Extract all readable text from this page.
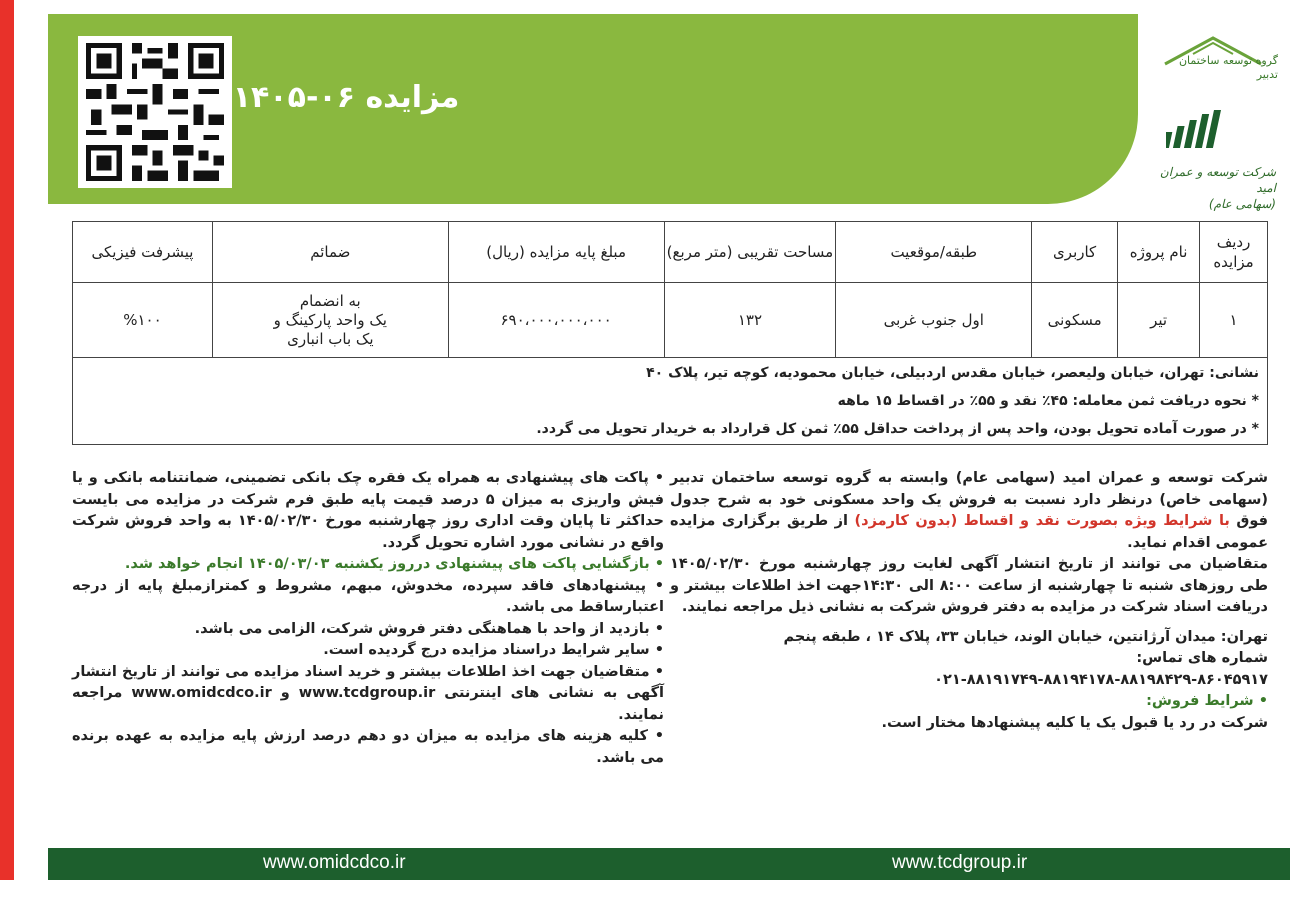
مزایده ۰۶-۱۴۰۵
گروه توسعه ساختمان
تدبیر
شرکت توسعه و عمران امید
(سهامی عام)
ردیف مزایده	نام پروژه	کاربری	طبقه/موقعیت	مساحت تقریبی (متر مربع)	مبلغ پایه مزایده (ریال)	ضمائم	پیشرفت فیزیکی
۱	تیر	مسکونی	اول جنوب غربی	۱۳۲	۶۹۰،۰۰۰،۰۰۰،۰۰۰	به انضمام
یک واحد پارکینگ و
یک باب انباری	%۱۰۰

نشانی: تهران، خیابان ولیعصر، خیابان مقدس اردبیلی، خیابان محمودیه، کوچه تیر، پلاک ۴۰
* نحوه دریافت ثمن معامله: ۴۵٪ نقد و ۵۵٪ در اقساط ۱۵ ماهه
* در صورت آماده تحویل بودن، واحد پس از پرداخت حداقل ۵۵٪ ثمن کل قرارداد به خریدار تحویل می گردد.							

شرکت توسعه و عمران امید (سهامی عام) وابسته به گروه توسعه ساختمان تدبیر (سهامی خاص) درنظر دارد نسبت به فروش یک واحد مسکونی خود به شرح جدول فوق با شرایط ویژه بصورت نقد و اقساط (بدون کارمزد) از طریق برگزاری مزایده عمومی اقدام نماید.

متقاضیان می توانند از تاریخ انتشار آگهی لغایت روز چهارشنبه مورخ ۱۴۰۵/۰۲/۳۰ طی روزهای شنبه تا چهارشنبه از ساعت ۸:۰۰ الی ۱۴:۳۰جهت اخذ اطلاعات بیشتر و دریافت اسناد شرکت در مزایده به دفتر فروش شرکت به نشانی ذیل مراجعه نمایند.

تهران: میدان آرژانتین، خیابان الوند، خیابان ۳۳، پلاک ۱۴ ، طبقه پنجم

شماره های تماس:

۰۲۱-۸۸۱۹۱۷۴۹-۸۸۱۹۴۱۷۸-۸۸۱۹۸۴۲۹-۸۶۰۴۵۹۱۷

• شرایط فروش:

شرکت در رد یا قبول یک یا کلیه پیشنهادها مختار است.

• پاکت های پیشنهادی به همراه یک فقره چک بانکی تضمینی، ضمانتنامه بانکی و یا فیش واریزی به میزان ۵ درصد قیمت پایه طبق فرم شرکت در مزایده می بایست حداکثر تا پایان وقت اداری روز چهارشنبه مورخ ۱۴۰۵/۰۲/۳۰ به واحد فروش شرکت واقع در نشانی مورد اشاره تحویل گردد.

• بازگشایی پاکت های پیشنهادی درروز یکشنبه ۱۴۰۵/۰۳/۰۳ انجام خواهد شد.

• پیشنهادهای فاقد سپرده، مخدوش، مبهم، مشروط و کمترازمبلغ پایه از درجه اعتبارساقط می باشد.

• بازدید از واحد با هماهنگی دفتر فروش شرکت، الزامی می باشد.

• سایر شرایط دراسناد مزایده درج گردیده است.

• متقاضیان جهت اخذ اطلاعات بیشتر و خرید اسناد مزایده می توانند از تاریخ انتشار آگهی به نشانی های اینترنتی www.tcdgroup.ir و www.omidcdco.ir مراجعه نمایند.

• کلیه هزینه های مزایده به میزان دو دهم درصد ارزش پایه مزایده به عهده برنده می باشد.

www.omidcdco.ir	www.tcdgroup.ir
